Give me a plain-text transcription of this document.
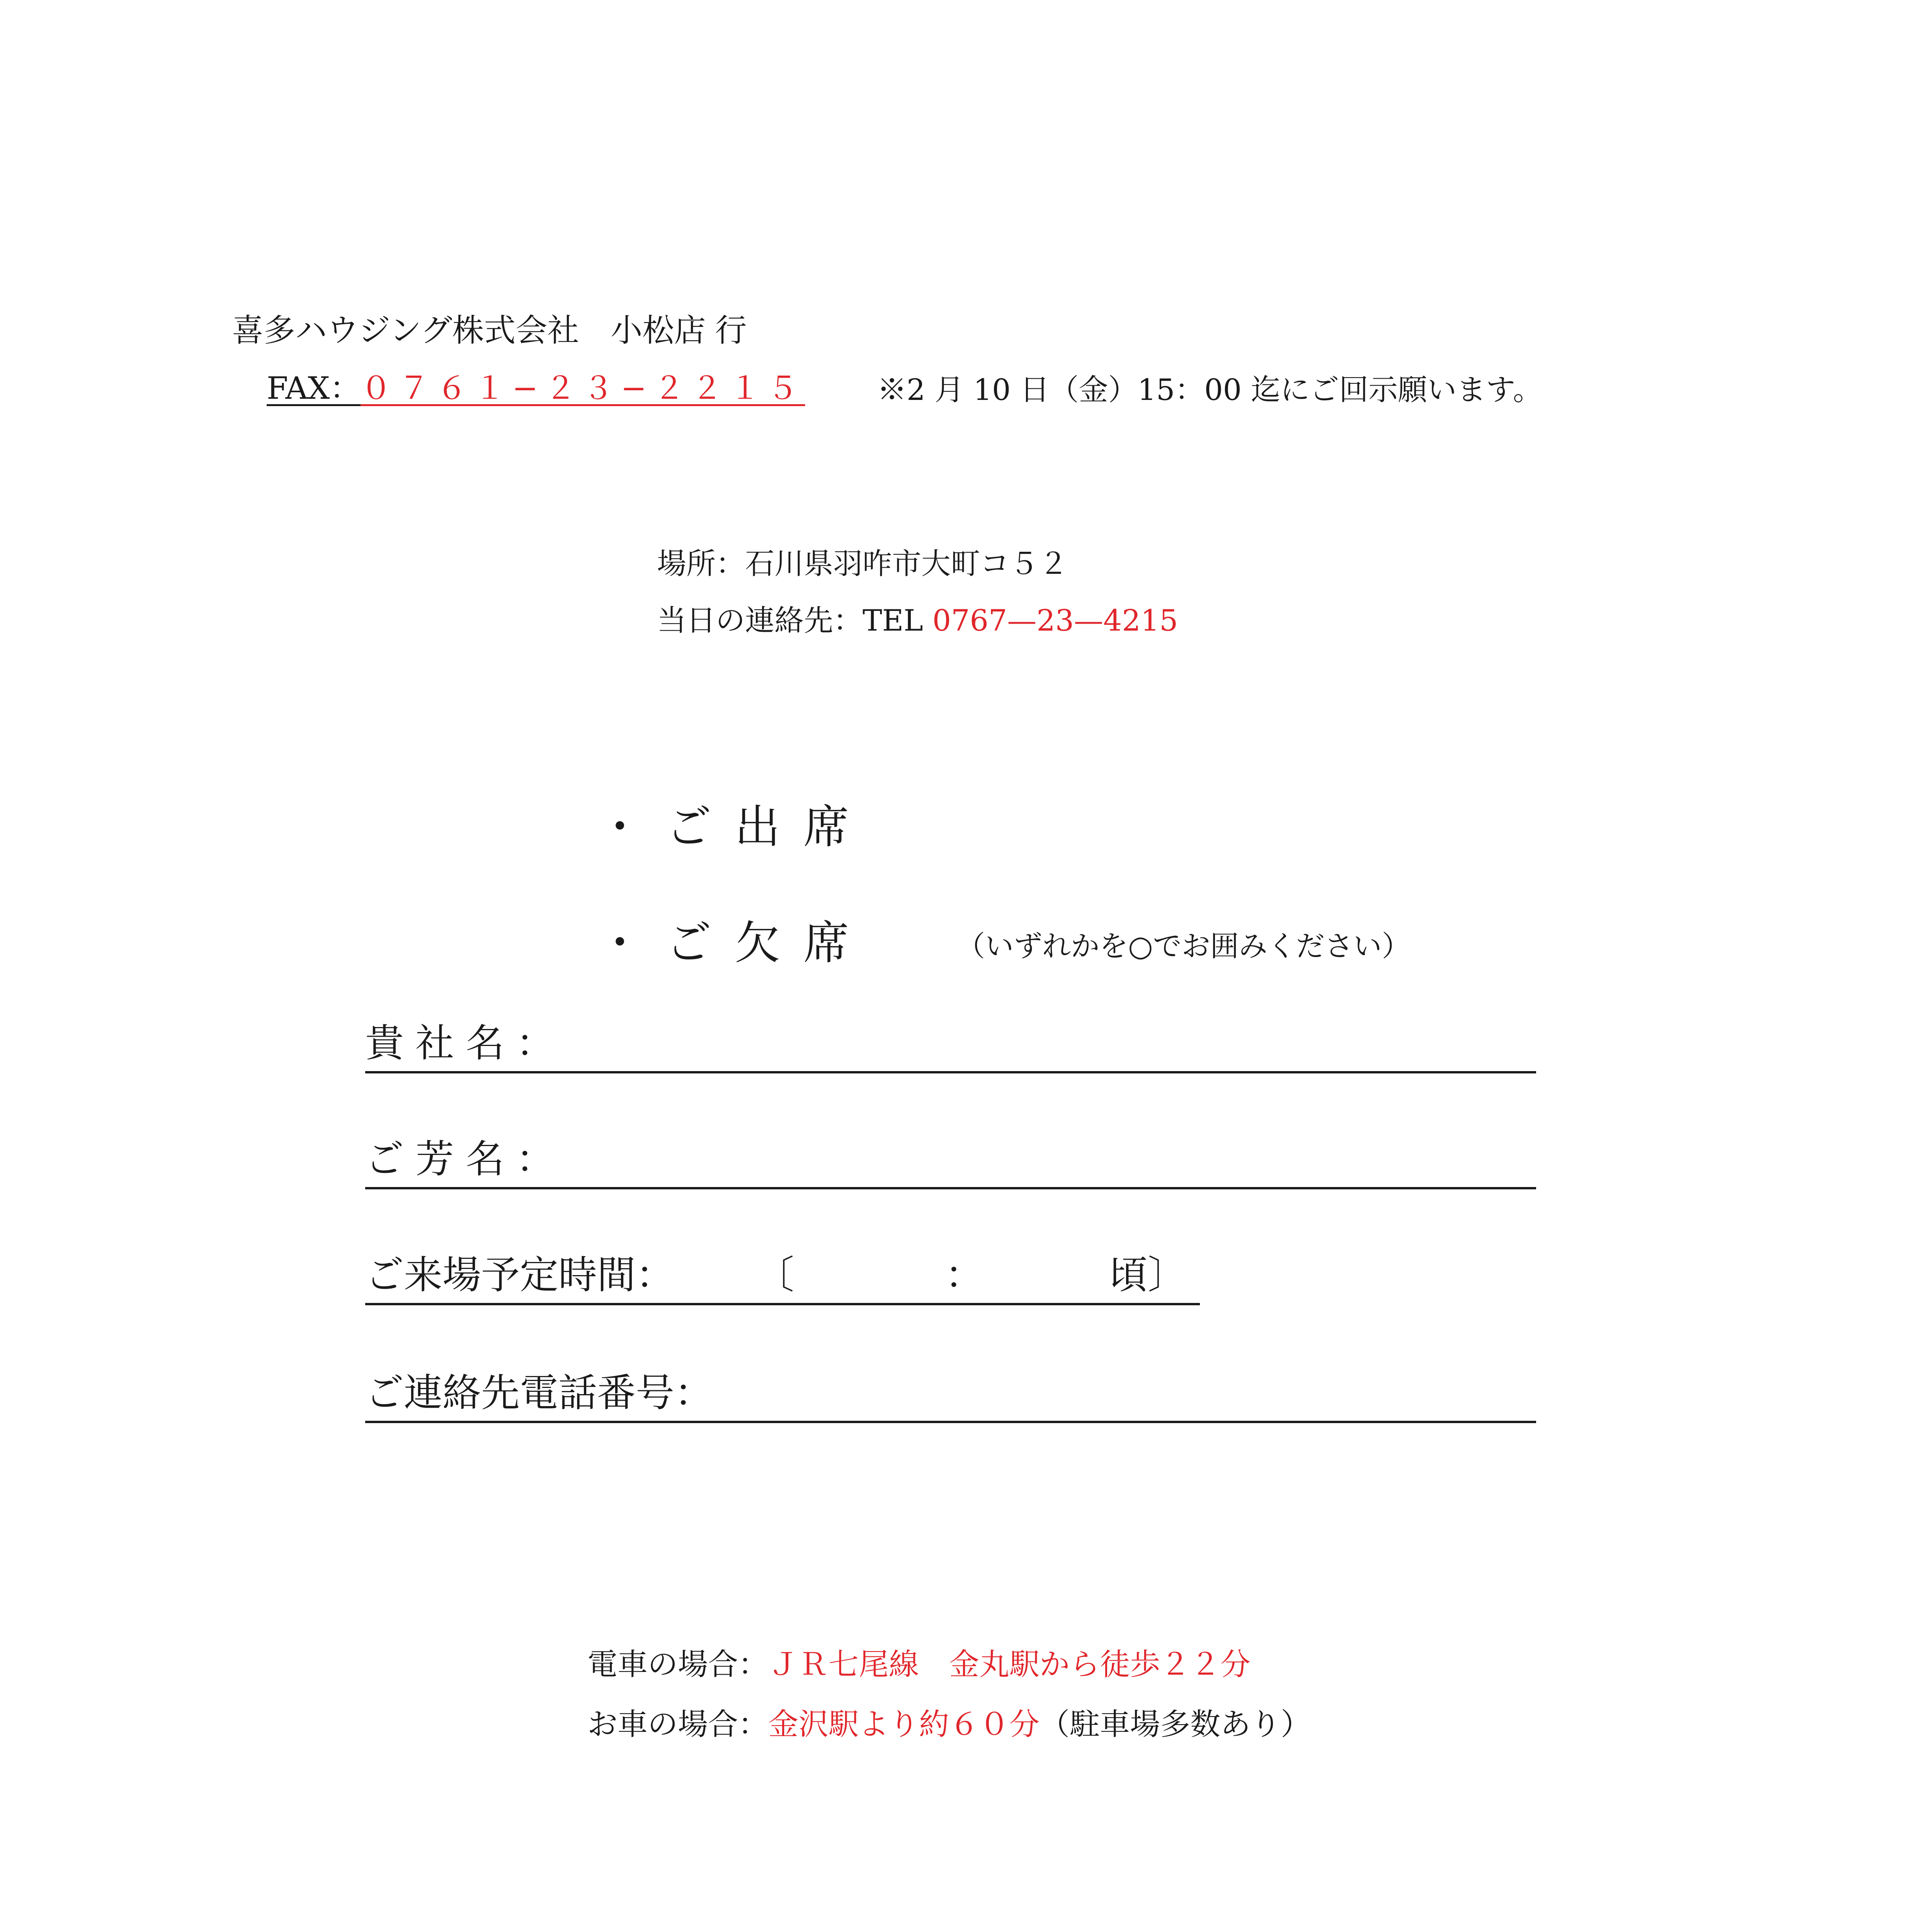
喜多ハウジング株式会社　小松店 行
FAX：０７６１−２３−２２１５ ※2 月 10 日（金）15：00 迄にご回示願います。
場所：石川県羽咋市大町コ５２
当日の連絡先：TEL 0767—23—4215
・ご出席
・ご欠席	（いずれかを○でお囲みください）
貴社名：
ご芳名：
ご来場予定時間： 〔	：	頃〕
ご連絡先電話番号：
電車の場合：ＪＲ七尾線　金丸駅から徒歩２２分
お車の場合：金沢駅より約６０分（駐車場多数あり）
